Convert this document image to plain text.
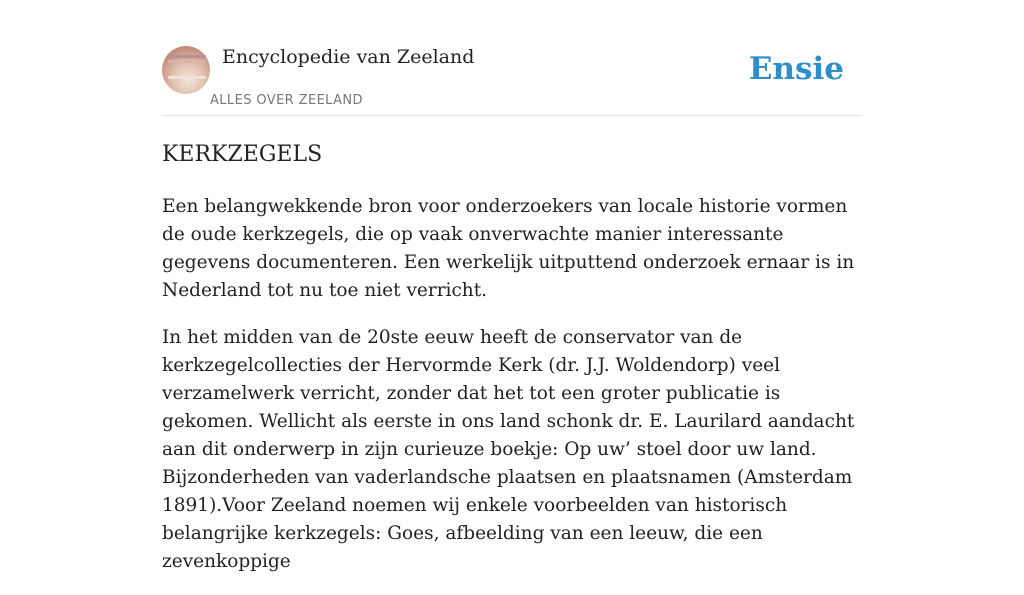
Encyclopedie van Zeeland
ALLES OVER ZEELAND
Ensie
KERKZEGELS

Een belangwekkende bron voor onderzoekers van locale historie vormen de oude kerkzegels, die op vaak onverwachte manier interessante gegevens documenteren. Een werkelijk uitputtend onderzoek ernaar is in Nederland tot nu toe niet verricht.

In het midden van de 20ste eeuw heeft de conservator van de kerkzegelcollecties der Hervormde Kerk (dr. J.J. Woldendorp) veel verzamelwerk verricht, zonder dat het tot een groter publicatie is gekomen. Wellicht als eerste in ons land schonk dr. E. Laurilard aandacht aan dit onderwerp in zijn curieuze boekje: Op uw’ stoel door uw land. Bijzonderheden van vaderlandsche plaatsen en plaatsnamen (Amsterdam 1891).Voor Zeeland noemen wij enkele voorbeelden van historisch belangrijke kerkzegels: Goes, afbeelding van een leeuw, die een zevenkoppige
